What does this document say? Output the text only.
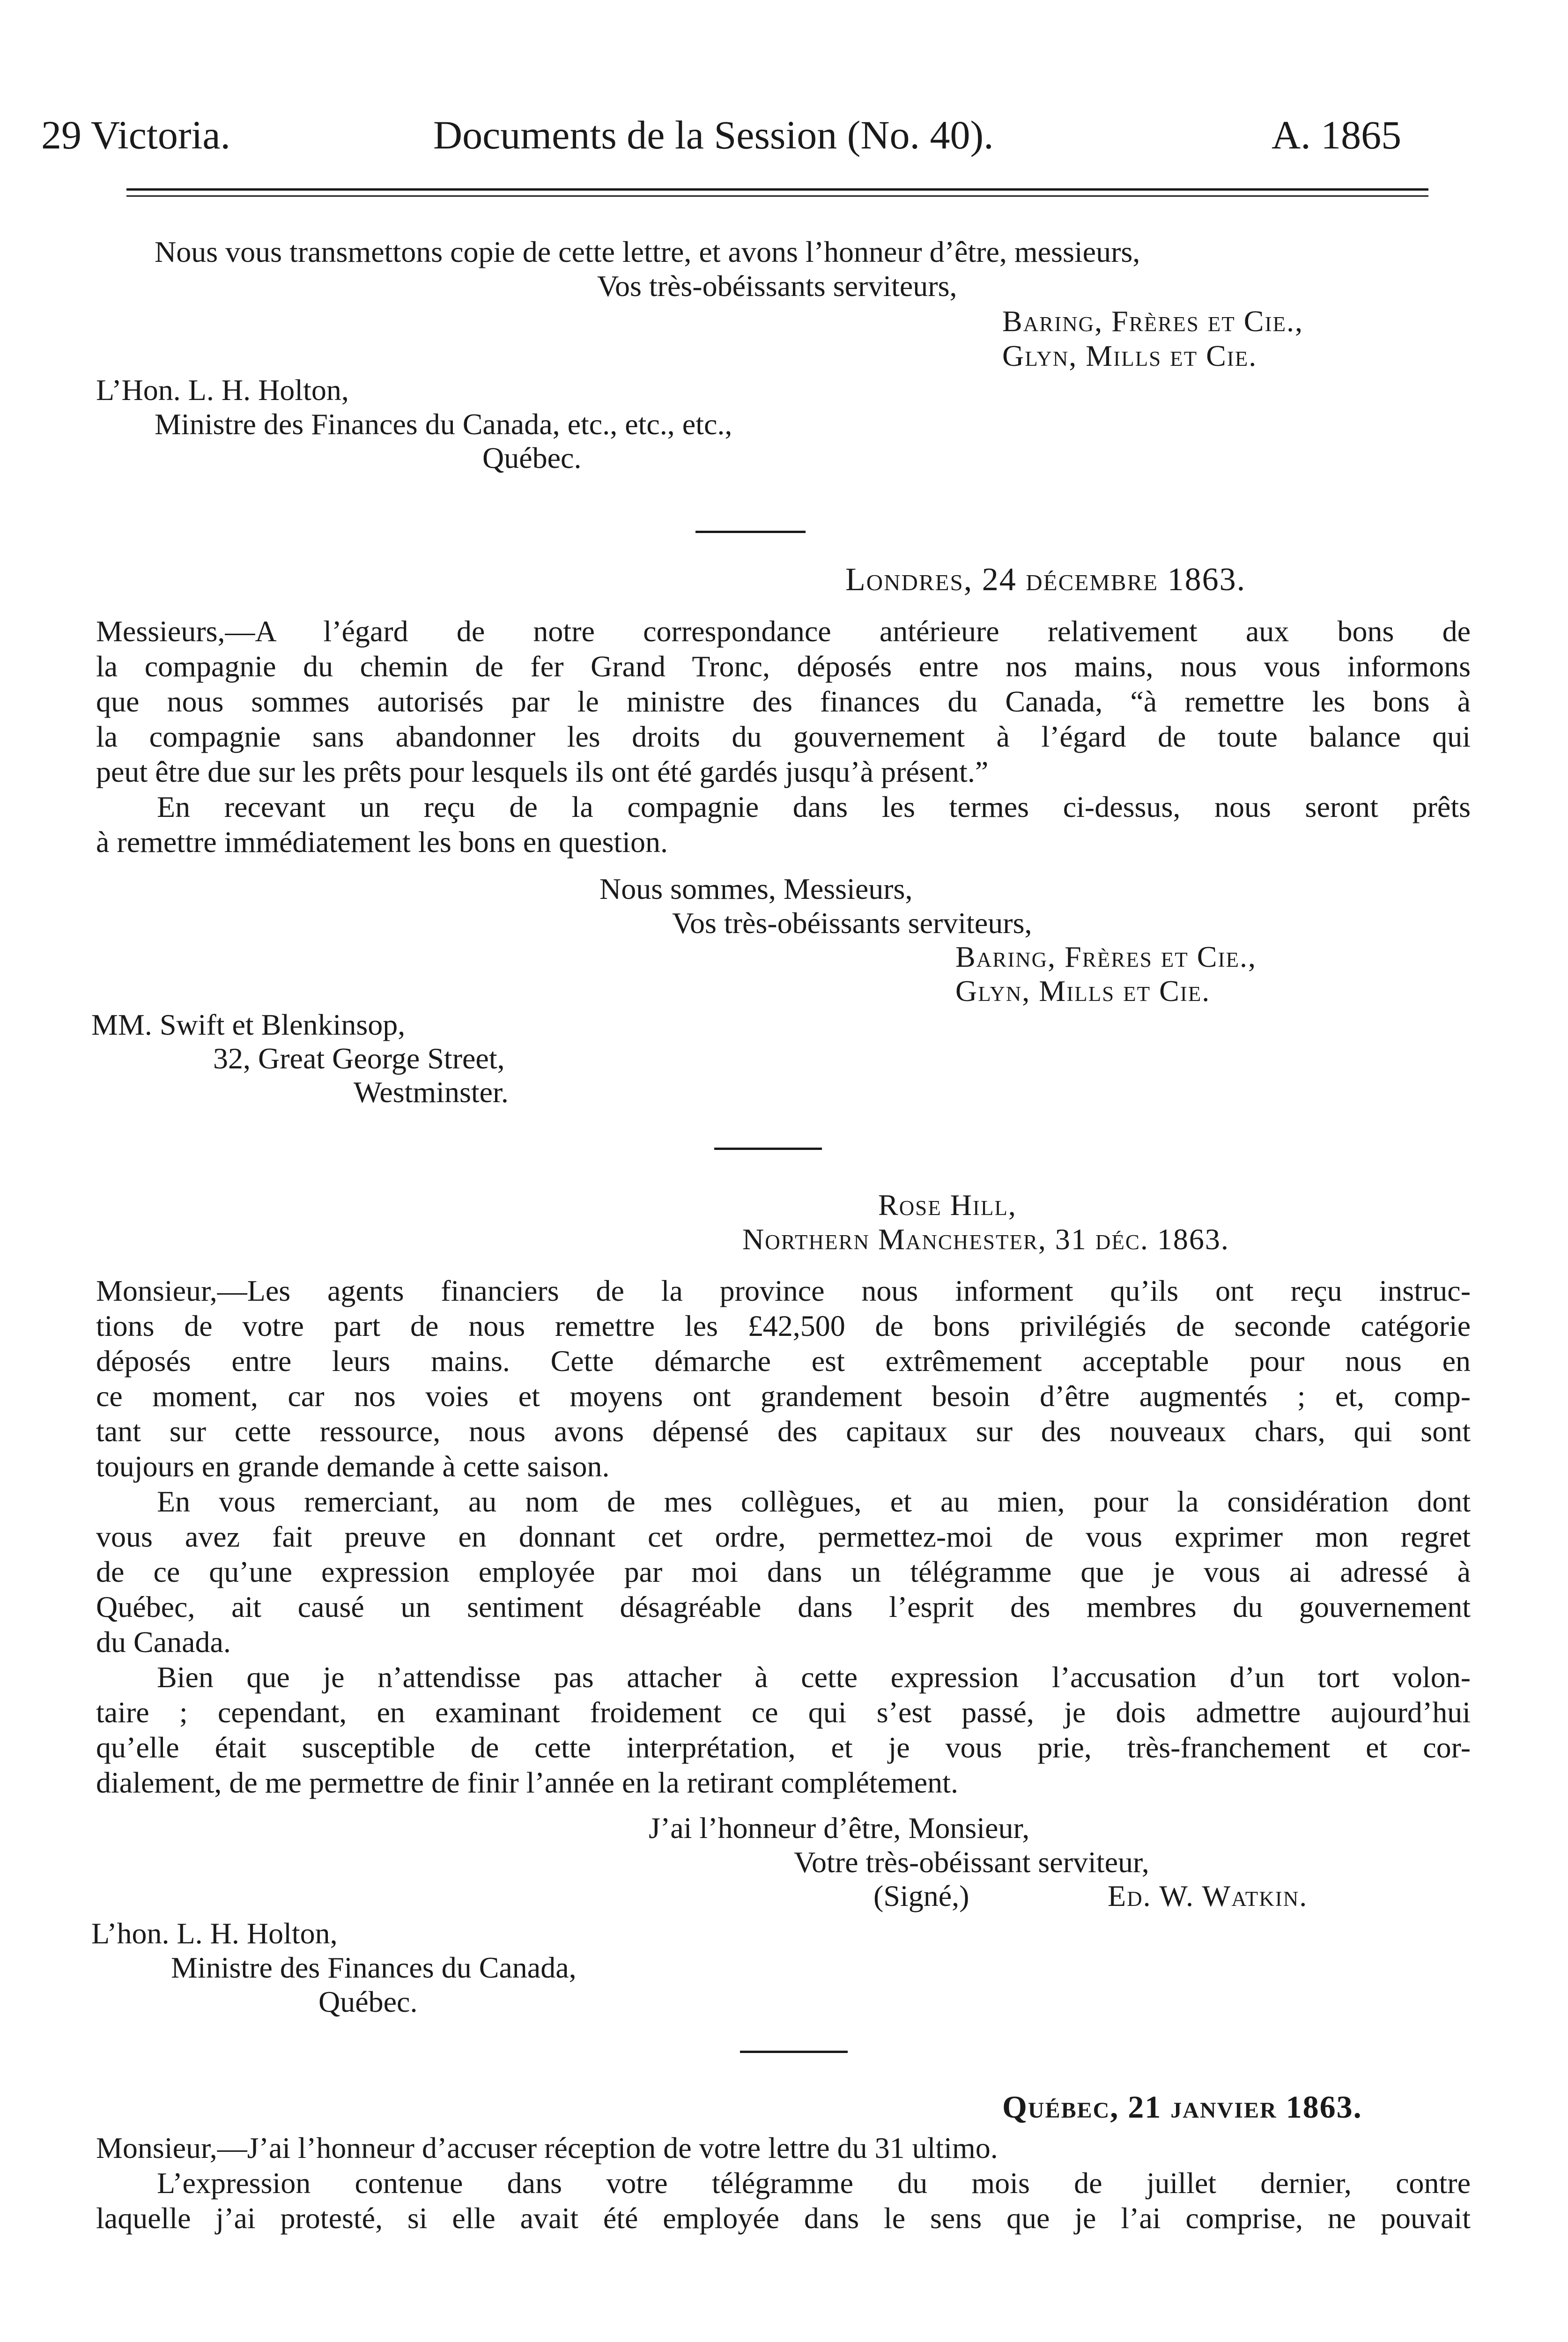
29 Victoria.	Documents de la Session (No. 40).	A. 1865
Nous vous transmettons copie de cette lettre, et avons l’honneur d’être, messieurs,
Vos très-obéissants serviteurs,
Baring, Frères et Cie.,
Glyn, Mills et Cie.
L’Hon. L. H. Holton,
Ministre des Finances du Canada, etc., etc., etc.,
Québec.
Londres, 24 décembre 1863.
Messieurs,—A l’égard de notre correspondance antérieure relativement aux bons de
la compagnie du chemin de fer Grand Tronc, déposés entre nos mains, nous vous informons
que nous sommes autorisés par le ministre des finances du Canada, “à remettre les bons à
la compagnie sans abandonner les droits du gouvernement à l’égard de toute balance qui
peut être due sur les prêts pour lesquels ils ont été gardés jusqu’à présent.”
En recevant un reçu de la compagnie dans les termes ci-dessus, nous seront prêts
à remettre immédiatement les bons en question.
Nous sommes, Messieurs,
Vos très-obéissants serviteurs,
Baring, Frères et Cie.,
Glyn, Mills et Cie.
MM. Swift et Blenkinsop,
32, Great George Street,
Westminster.
Rose Hill,
Northern Manchester, 31 déc. 1863.
Monsieur,—Les agents financiers de la province nous informent qu’ils ont reçu instruc-
tions de votre part de nous remettre les £42,500 de bons privilégiés de seconde catégorie
déposés entre leurs mains. Cette démarche est extrêmement acceptable pour nous en
ce moment, car nos voies et moyens ont grandement besoin d’être augmentés ; et, comp-
tant sur cette ressource, nous avons dépensé des capitaux sur des nouveaux chars, qui sont
toujours en grande demande à cette saison.
En vous remerciant, au nom de mes collègues, et au mien, pour la considération dont
vous avez fait preuve en donnant cet ordre, permettez-moi de vous exprimer mon regret
de ce qu’une expression employée par moi dans un télégramme que je vous ai adressé à
Québec, ait causé un sentiment désagréable dans l’esprit des membres du gouvernement
du Canada.
Bien que je n’attendisse pas attacher à cette expression l’accusation d’un tort volon-
taire ; cependant, en examinant froidement ce qui s’est passé, je dois admettre aujourd’hui
qu’elle était susceptible de cette interprétation, et je vous prie, très-franchement et cor-
dialement, de me permettre de finir l’année en la retirant complétement.
J’ai l’honneur d’être, Monsieur,
Votre très-obéissant serviteur,
(Signé,)	Ed. W. Watkin.
L’hon. L. H. Holton,
Ministre des Finances du Canada,
Québec.
Québec, 21 janvier 1863.
Monsieur,—J’ai l’honneur d’accuser réception de votre lettre du 31 ultimo.
L’expression contenue dans votre télégramme du mois de juillet dernier, contre
laquelle j’ai protesté, si elle avait été employée dans le sens que je l’ai comprise, ne pouvait
